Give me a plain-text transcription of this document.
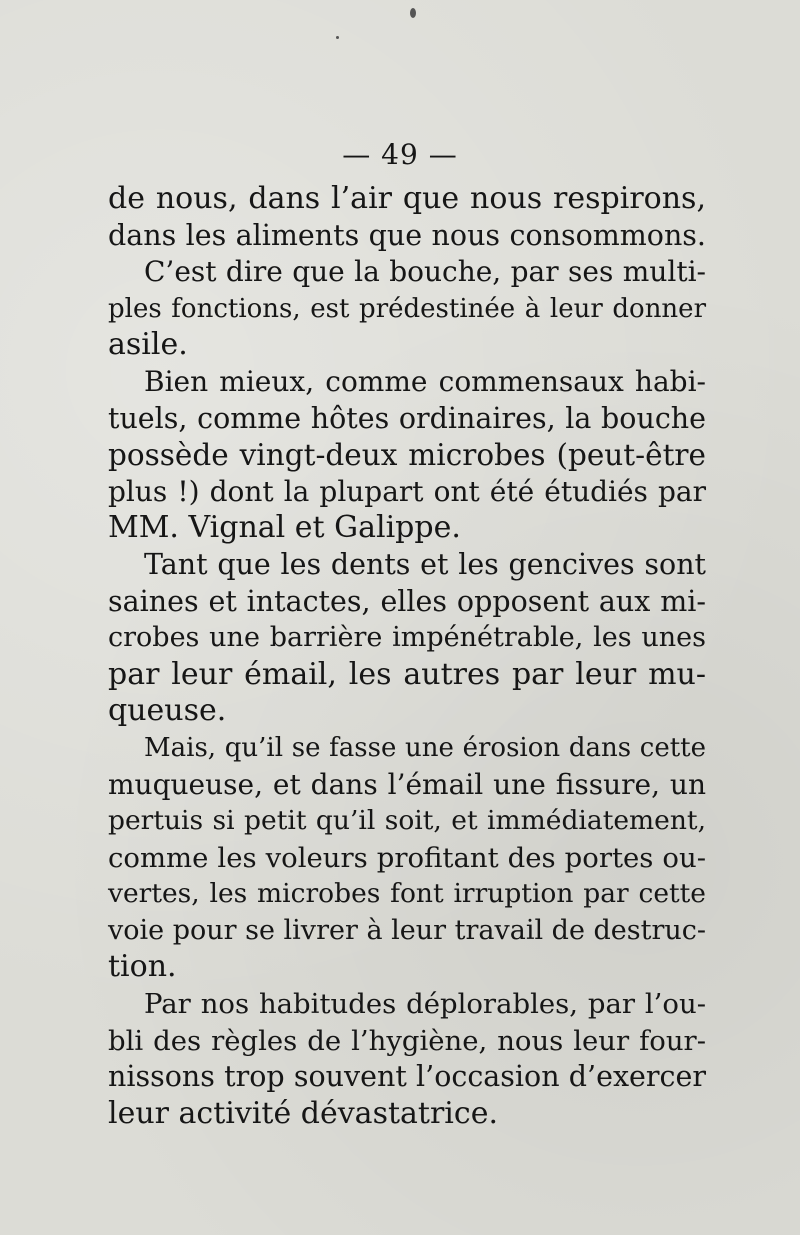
— 49 —
de nous, dans l’air que nous respirons,
dans les aliments que nous consommons.
C’est dire que la bouche, par ses multi-
ples fonctions, est prédestinée à leur donner
asile.
Bien mieux, comme commensaux habi-
tuels, comme hôtes ordinaires, la bouche
possède vingt-deux microbes (peut-être
plus !) dont la plupart ont été étudiés par
MM. Vignal et Galippe.
Tant que les dents et les gencives sont
saines et intactes, elles opposent aux mi-
crobes une barrière impénétrable, les unes
par leur émail, les autres par leur mu-
queuse.
Mais, qu’il se fasse une érosion dans cette
muqueuse, et dans l’émail une fissure, un
pertuis si petit qu’il soit, et immédiatement,
comme les voleurs profitant des portes ou-
vertes, les microbes font irruption par cette
voie pour se livrer à leur travail de destruc-
tion.
Par nos habitudes déplorables, par l’ou-
bli des règles de l’hygiène, nous leur four-
nissons trop souvent l’occasion d’exercer
leur activité dévastatrice.
